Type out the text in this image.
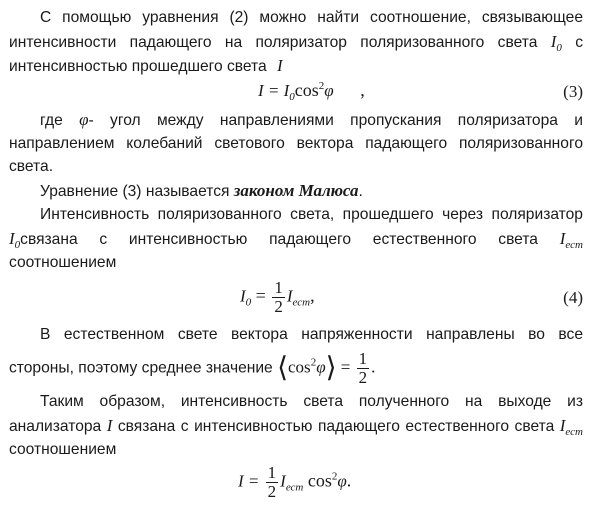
С помощью уравнения (2) можно найти соотношение, связывающее
интенсивности падающего на поляризатор поляризованного света $I_0$ с
интенсивностью прошедшего света I
$I = I_0\cos^2\varphi$ ,	(3)
где φ- угол между направлениями пропускания поляризатора и
направлением колебаний светового вектора падающего поляризованного
света.
Уравнение (3) называется законом Малюса.
Интенсивность поляризованного света, прошедшего через поляризатор
$I_0связана$ с интенсивностью падающего естественного света $I_{ест}$
соотношением
$I_0 = \frac{1}{2} I_{ест}$,	(4)
В естественном свете вектора напряженности направлены во все
стороны, поэтому среднее значение $⟨\cos^2\varphi⟩ = \frac{1}{2}$ .
Таким образом, интенсивность света полученного на выходе из
анализатора I связана с интенсивностью падающего естественного света $I_{ест}$
соотношением
$I = \frac{1}{2} I_{ест}$ $\cos^2\varphi$.
